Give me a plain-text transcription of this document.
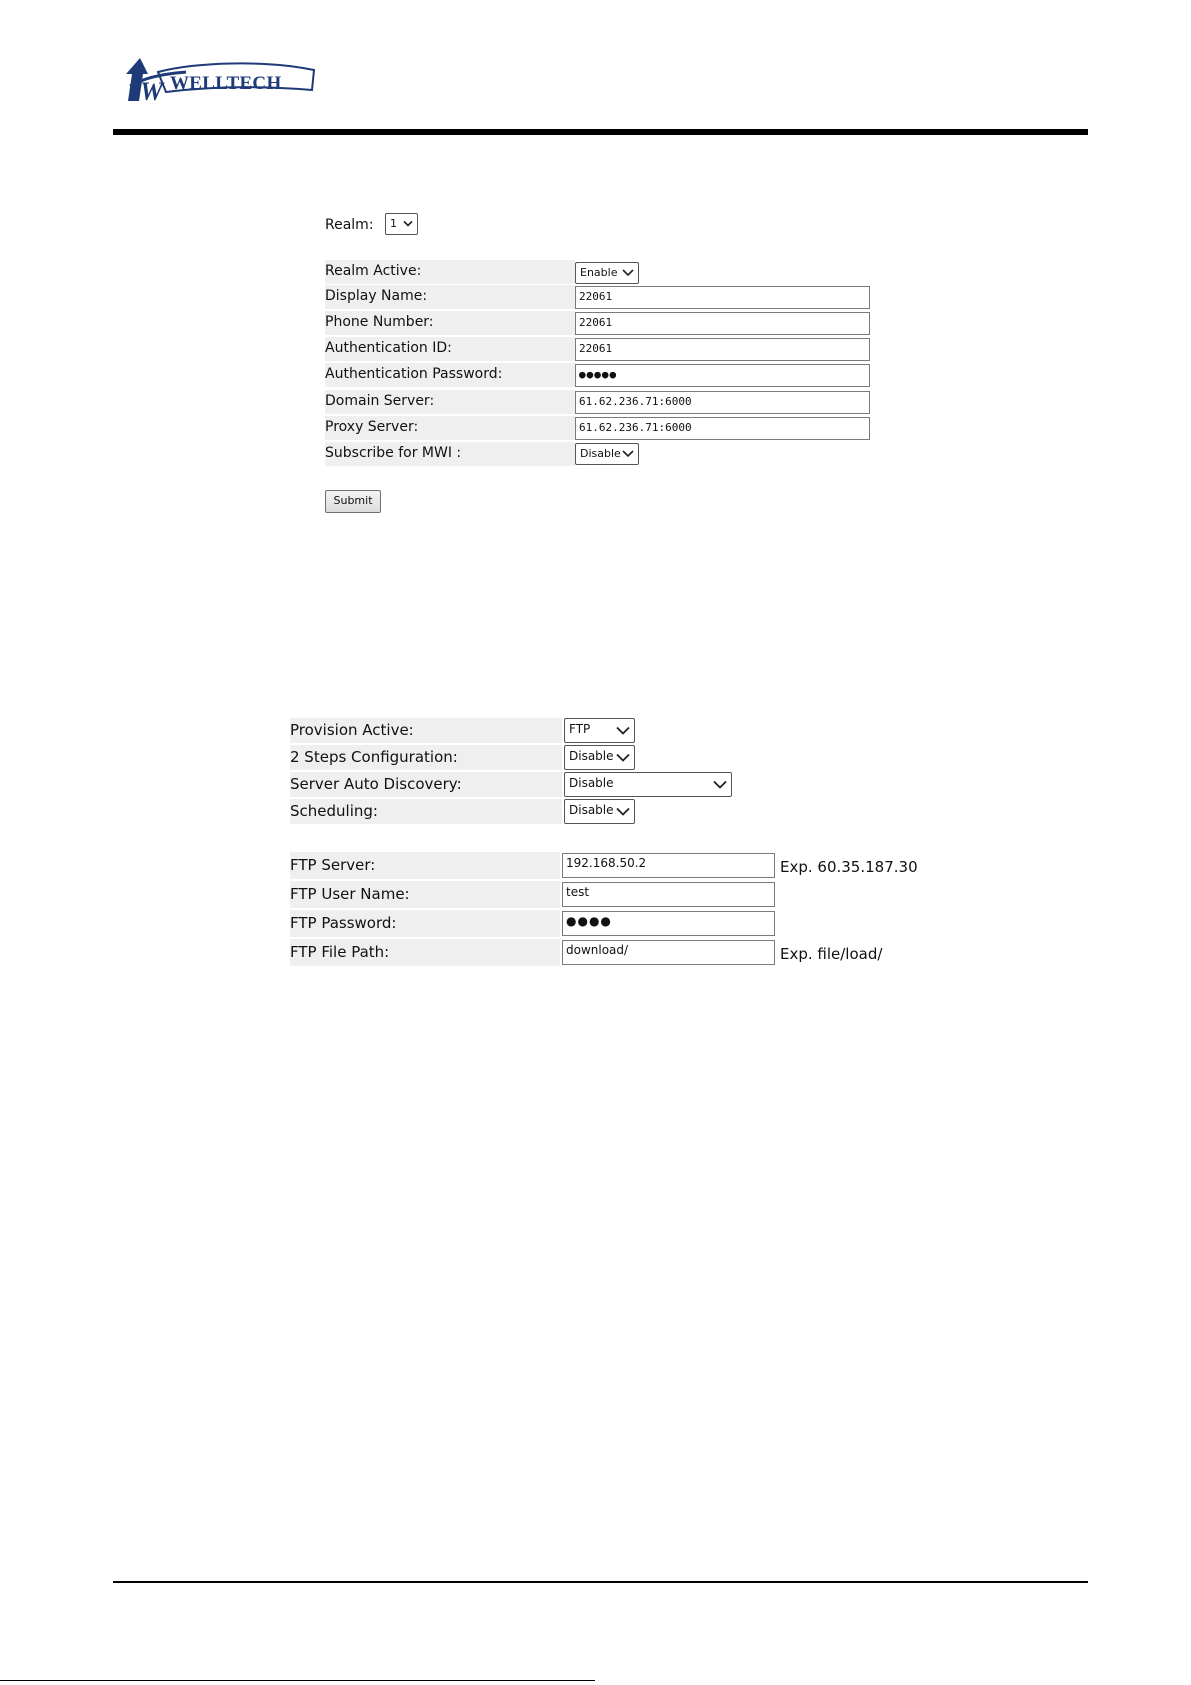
W WELLTECH
Realm:	1
Realm Active:	Enable
Display Name:	22061
Phone Number:	22061
Authentication ID:	22061
Authentication Password:	●●●●●
Domain Server:	61.62.236.71:6000
Proxy Server:	61.62.236.71:6000
Subscribe for MWI :	Disable
Submit
Provision Active:	FTP
2 Steps Configuration:	Disable
Server Auto Discovery:	Disable
Scheduling:	Disable
FTP Server:	192.168.50.2	Exp. 60.35.187.30
FTP User Name:	test
FTP Password:	●●●●
FTP File Path:	download/	Exp. file/load/
